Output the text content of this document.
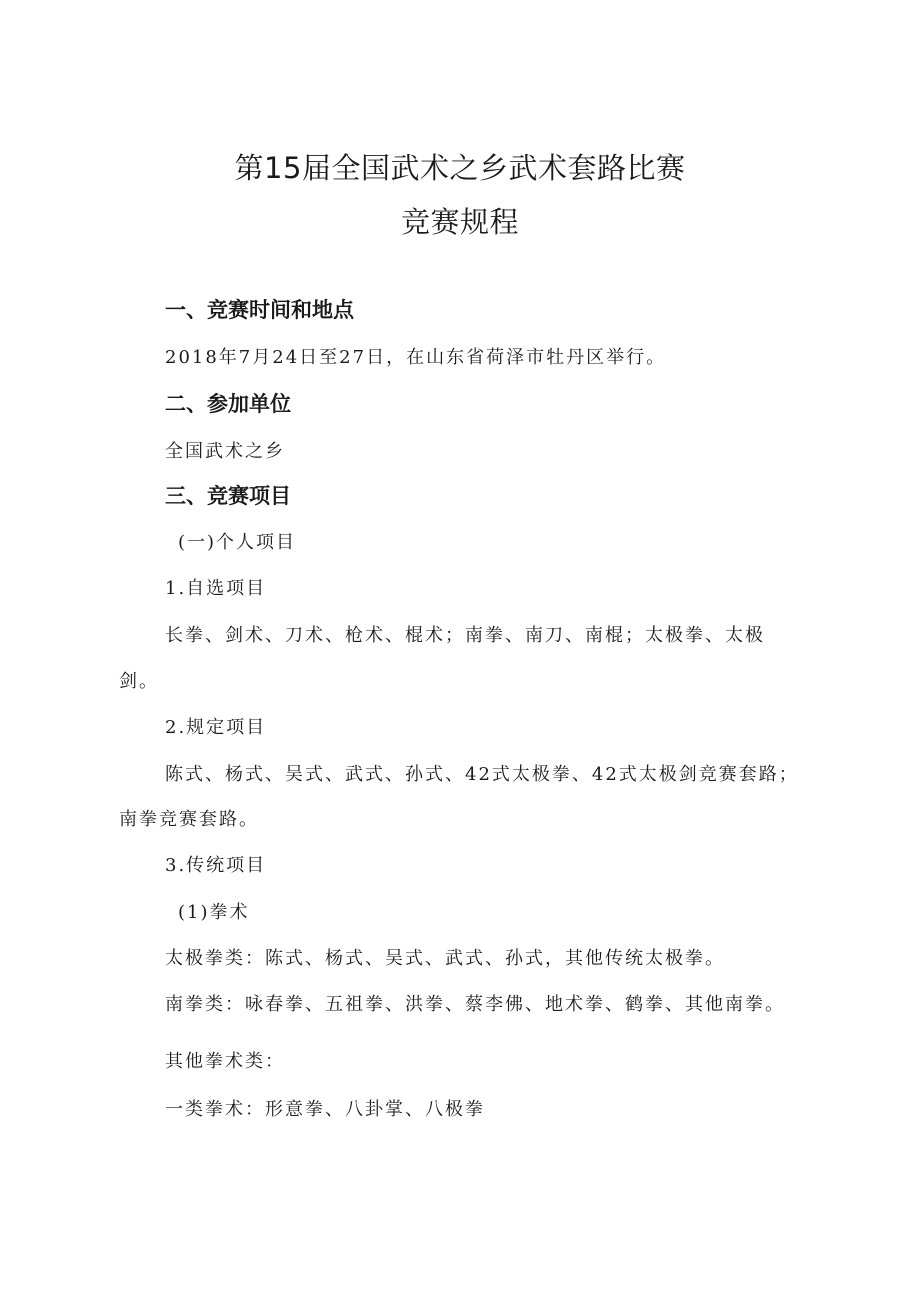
第15届全国武术之乡武术套路比赛
竞赛规程
一、竞赛时间和地点
2018年7月24日至27日，在山东省荷泽市牡丹区举行。
二、参加单位
全国武术之乡
三、竞赛项目
(一)个人项目
1.自选项目
长拳、剑术、刀术、枪术、棍术；南拳、南刀、南棍；太极拳、太极
剑。
2.规定项目
陈式、杨式、吴式、武式、孙式、42式太极拳、42式太极剑竞赛套路；
南拳竞赛套路。
3.传统项目
(1)拳术
太极拳类：陈式、杨式、吴式、武式、孙式，其他传统太极拳。
南拳类：咏春拳、五祖拳、洪拳、蔡李佛、地术拳、鹤拳、其他南拳。
其他拳术类：
一类拳术：形意拳、八卦掌、八极拳
